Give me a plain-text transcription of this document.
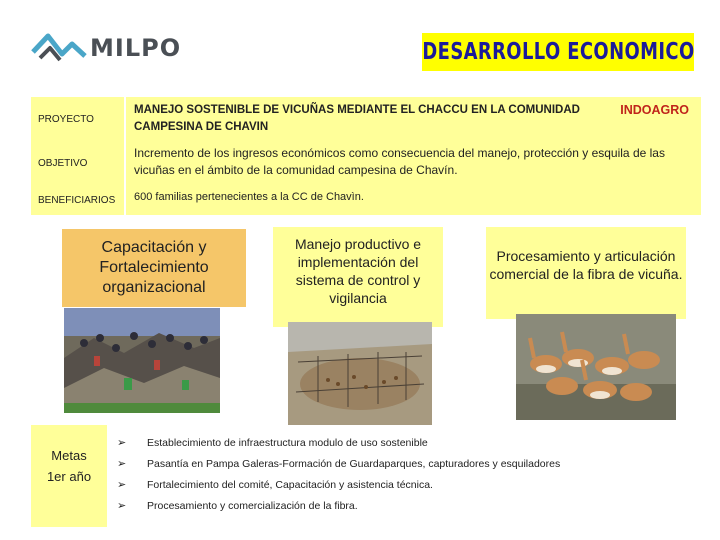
MILPO	DESARROLLO ECONOMICO
PROYECTO
MANEJO SOSTENIBLE DE VICUÑAS MEDIANTE EL CHACCU EN LA COMUNIDAD CAMPESINA DE CHAVIN
INDOAGRO
OBJETIVO
Incremento de los ingresos económicos como consecuencia del manejo, protección y esquila de las vicuñas en el ámbito de la comunidad campesina de Chavín.
BENEFICIARIOS	600 familias pertenecientes a la CC de Chavìn.
Capacitación y Fortalecimiento organizacional
Manejo productivo e implementación del sistema de control y vigilancia
Procesamiento y articulación comercial de la fibra de vicuña.
Metas
1er año
➢ Establecimiento de infraestructura modulo de uso sostenible
➢ Pasantía en Pampa Galeras-Formación de Guardaparques, capturadores y esquiladores
➢ Fortalecimiento del comité, Capacitación y asistencia técnica.
➢ Procesamiento y comercialización de la fibra.
